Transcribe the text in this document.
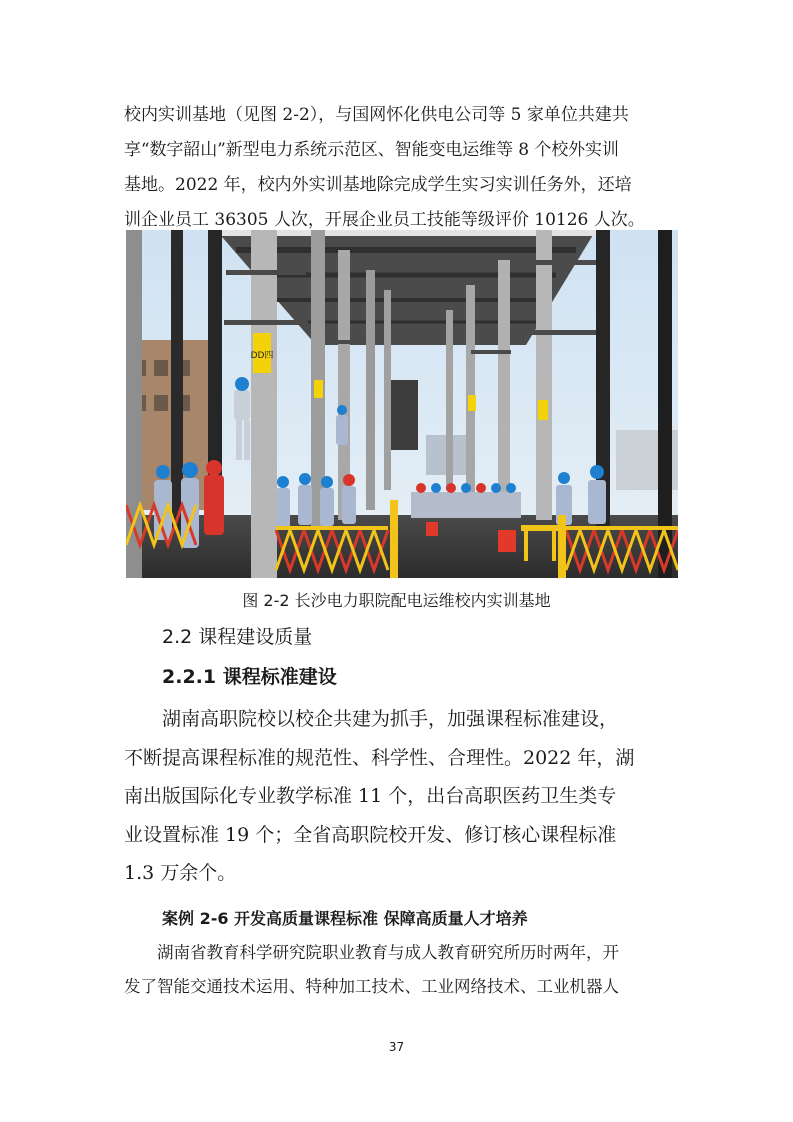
校内实训基地（见图 2-2），与国网怀化供电公司等 5 家单位共建共
享“数字韶山”新型电力系统示范区、智能变电运维等 8 个校外实训
基地。2022 年，校内外实训基地除完成学生实习实训任务外，还培
训企业员工 36305 人次，开展企业员工技能等级评价 10126 人次。
DD四
图 2-2 长沙电力职院配电运维校内实训基地
2.2 课程建设质量
2.2.1 课程标准建设
湖南高职院校以校企共建为抓手，加强课程标准建设，
不断提高课程标准的规范性、科学性、合理性。2022 年，湖
南出版国际化专业教学标准 11 个，出台高职医药卫生类专
业设置标准 19 个；全省高职院校开发、修订核心课程标准
1.3 万余个。
案例 2-6 开发高质量课程标准 保障高质量人才培养
湖南省教育科学研究院职业教育与成人教育研究所历时两年，开
发了智能交通技术运用、特种加工技术、工业网络技术、工业机器人
37
